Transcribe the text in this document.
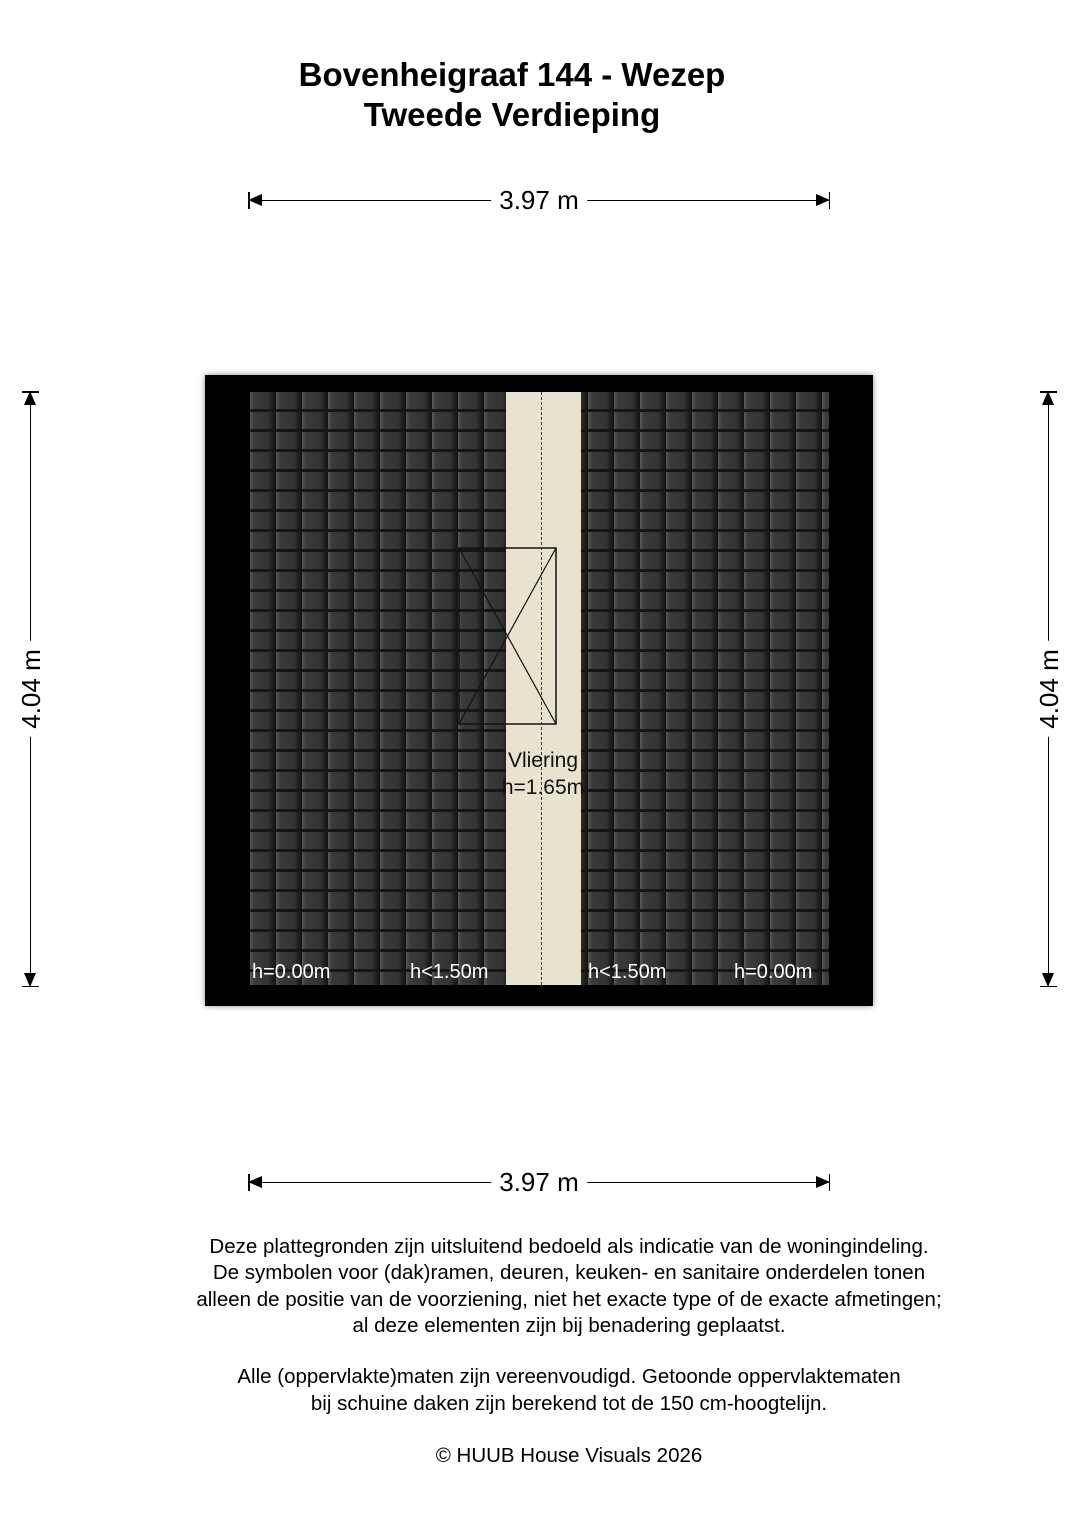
Bovenheigraaf 144 - Wezep
Tweede Verdieping
3.97 m
4.04 m	4.04 m
Vliering
h=1.65m
h=0.00m	h<1.50m	h<1.50m	h=0.00m
3.97 m
Deze plattegronden zijn uitsluitend bedoeld als indicatie van de woningindeling.
De symbolen voor (dak)ramen, deuren, keuken- en sanitaire onderdelen tonen
alleen de positie van de voorziening, niet het exacte type of de exacte afmetingen;
al deze elementen zijn bij benadering geplaatst.
Alle (oppervlakte)maten zijn vereenvoudigd. Getoonde oppervlaktematen
bij schuine daken zijn berekend tot de 150 cm-hoogtelijn.
© HUUB House Visuals 2026
